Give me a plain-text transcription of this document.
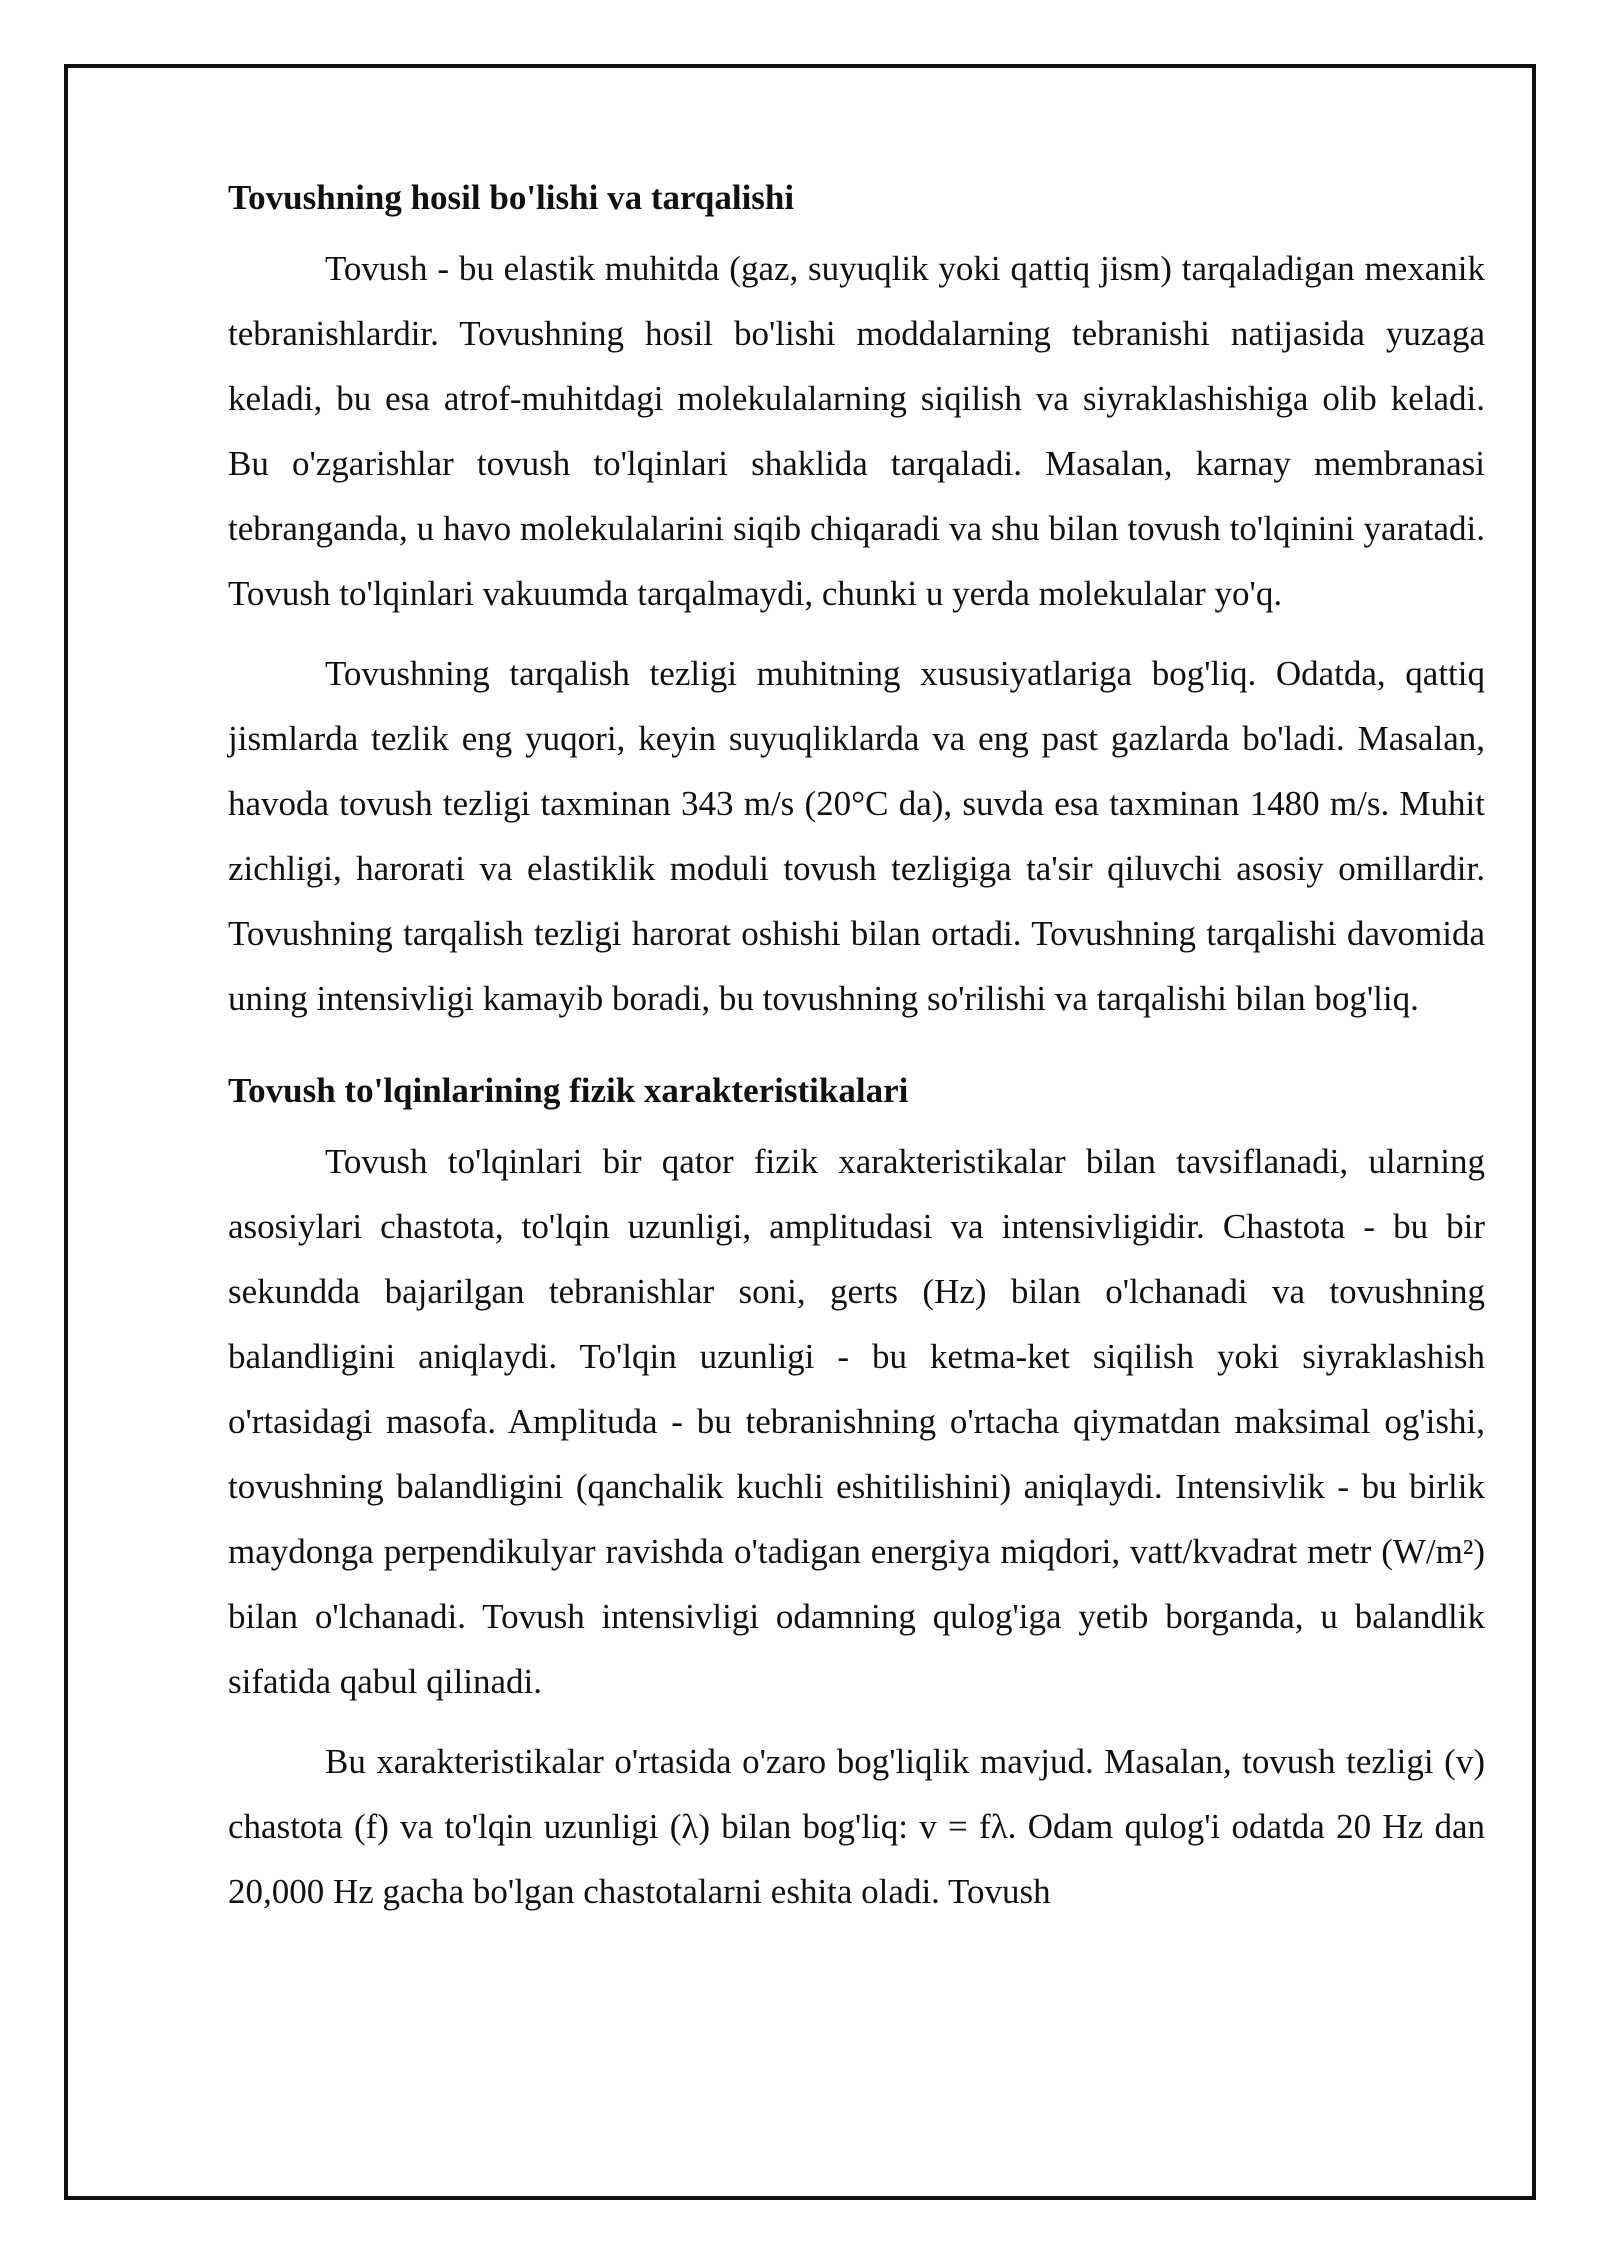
Tovushning hosil bo'lishi va tarqalishi

Tovush - bu elastik muhitda (gaz, suyuqlik yoki qattiq jism) tarqaladigan mexanik tebranishlardir. Tovushning hosil bo'lishi moddalarning tebranishi natijasida yuzaga keladi, bu esa atrof-muhitdagi molekulalarning siqilish va siyraklashishiga olib keladi. Bu o'zgarishlar tovush to'lqinlari shaklida tarqaladi. Masalan, karnay membranasi tebranganda, u havo molekulalarini siqib chiqaradi va shu bilan tovush to'lqinini yaratadi. Tovush to'lqinlari vakuumda tarqalmaydi, chunki u yerda molekulalar yo'q.

Tovushning tarqalish tezligi muhitning xususiyatlariga bog'liq. Odatda, qattiq jismlarda tezlik eng yuqori, keyin suyuqliklarda va eng past gazlarda bo'ladi. Masalan, havoda tovush tezligi taxminan 343 m/s (20°C da), suvda esa taxminan 1480 m/s. Muhit zichligi, harorati va elastiklik moduli tovush tezligiga ta'sir qiluvchi asosiy omillardir. Tovushning tarqalish tezligi harorat oshishi bilan ortadi. Tovushning tarqalishi davomida uning intensivligi kamayib boradi, bu tovushning so'rilishi va tarqalishi bilan bog'liq.

Tovush to'lqinlarining fizik xarakteristikalari

Tovush to'lqinlari bir qator fizik xarakteristikalar bilan tavsiflanadi, ularning asosiylari chastota, to'lqin uzunligi, amplitudasi va intensivligidir. Chastota - bu bir sekundda bajarilgan tebranishlar soni, gerts (Hz) bilan o'lchanadi va tovushning balandligini aniqlaydi. To'lqin uzunligi - bu ketma-ket siqilish yoki siyraklashish o'rtasidagi masofa. Amplituda - bu tebranishning o'rtacha qiymatdan maksimal og'ishi, tovushning balandligini (qanchalik kuchli eshitilishini) aniqlaydi. Intensivlik - bu birlik maydonga perpendikulyar ravishda o'tadigan energiya miqdori, vatt/kvadrat metr (W/m²) bilan o'lchanadi. Tovush intensivligi odamning qulog'iga yetib borganda, u balandlik sifatida qabul qilinadi.

Bu xarakteristikalar o'rtasida o'zaro bog'liqlik mavjud. Masalan, tovush tezligi (v) chastota (f) va to'lqin uzunligi (λ) bilan bog'liq: v = fλ. Odam qulog'i odatda 20 Hz dan 20,000 Hz gacha bo'lgan chastotalarni eshita oladi. Tovush
